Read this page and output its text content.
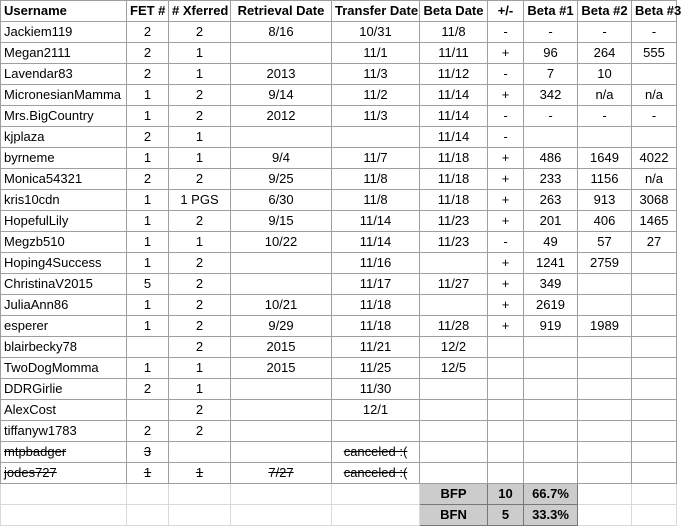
Username	FET #	# Xferred	Retrieval Date	Transfer Date	Beta Date	+/-	Beta #1	Beta #2	Beta #3
Jackiem119	2	2	8/16	10/31	11/8	-	-	-	-
Megan2111	2	1		11/1	11/11	+	96	264	555
Lavendar83	2	1	2013	11/3	11/12	-	7	10	
MicronesianMamma	1	2	9/14	11/2	11/14	+	342	n/a	n/a
Mrs.BigCountry	1	2	2012	11/3	11/14	-	-	-	-
kjplaza	2	1			11/14	-			
byrneme	1	1	9/4	11/7	11/18	+	486	1649	4022
Monica54321	2	2	9/25	11/8	11/18	+	233	1156	n/a
kris10cdn	1	1 PGS	6/30	11/8	11/18	+	263	913	3068
HopefulLily	1	2	9/15	11/14	11/23	+	201	406	1465
Megzb510	1	1	10/22	11/14	11/23	-	49	57	27
Hoping4Success	1	2		11/16		+	1241	2759	
ChristinaV2015	5	2		11/17	11/27	+	349		
JuliaAnn86	1	2	10/21	11/18		+	2619		
esperer	1	2	9/29	11/18	11/28	+	919	1989	
blairbecky78		2	2015	11/21	12/2				
TwoDogMomma	1	1	2015	11/25	12/5				
DDRGirlie	2	1		11/30					
AlexCost		2		12/1					
tiffanyw1783	2	2							
mtpbadger	3			canceled :(					
jodes727	1	1	7/27	canceled :(					
					BFP	10	66.7%		
					BFN	5	33.3%		
